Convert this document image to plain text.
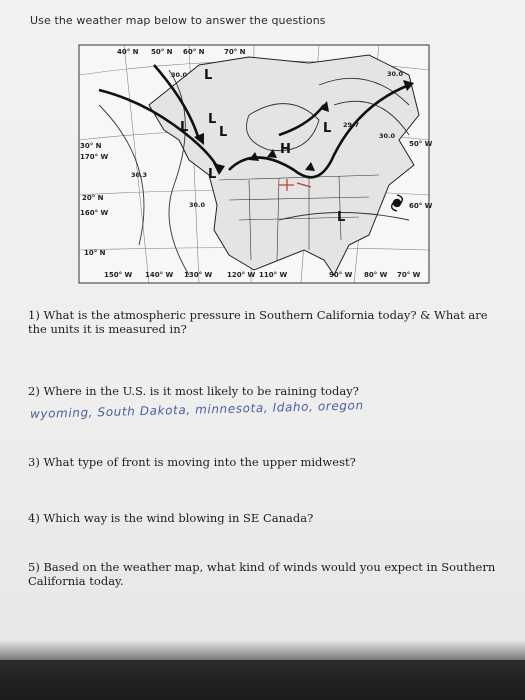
Use the weather map below to answer the questions
40° N 50° N 60° N	70° N
30° N
20° N
10° N
170° W
160° W
150° W 140° W 130° W 120° W 110° W	90° W 80° W 70° W
60° W
50° W
30.0	30.0
30.3
30.0
30.0
29.7
L
L
L
L
H
L
L
L
1) What is the atmospheric pressure in Southern California today? & What are the units it is measured in?
2) Where in the U.S. is it most likely to be raining today?
wyoming, South Dakota, minnesota, Idaho, oregon
3) What type of front is moving into the upper midwest?
4) Which way is the wind blowing in SE Canada?
5) Based on the weather map, what kind of winds would you expect in Southern California today.
